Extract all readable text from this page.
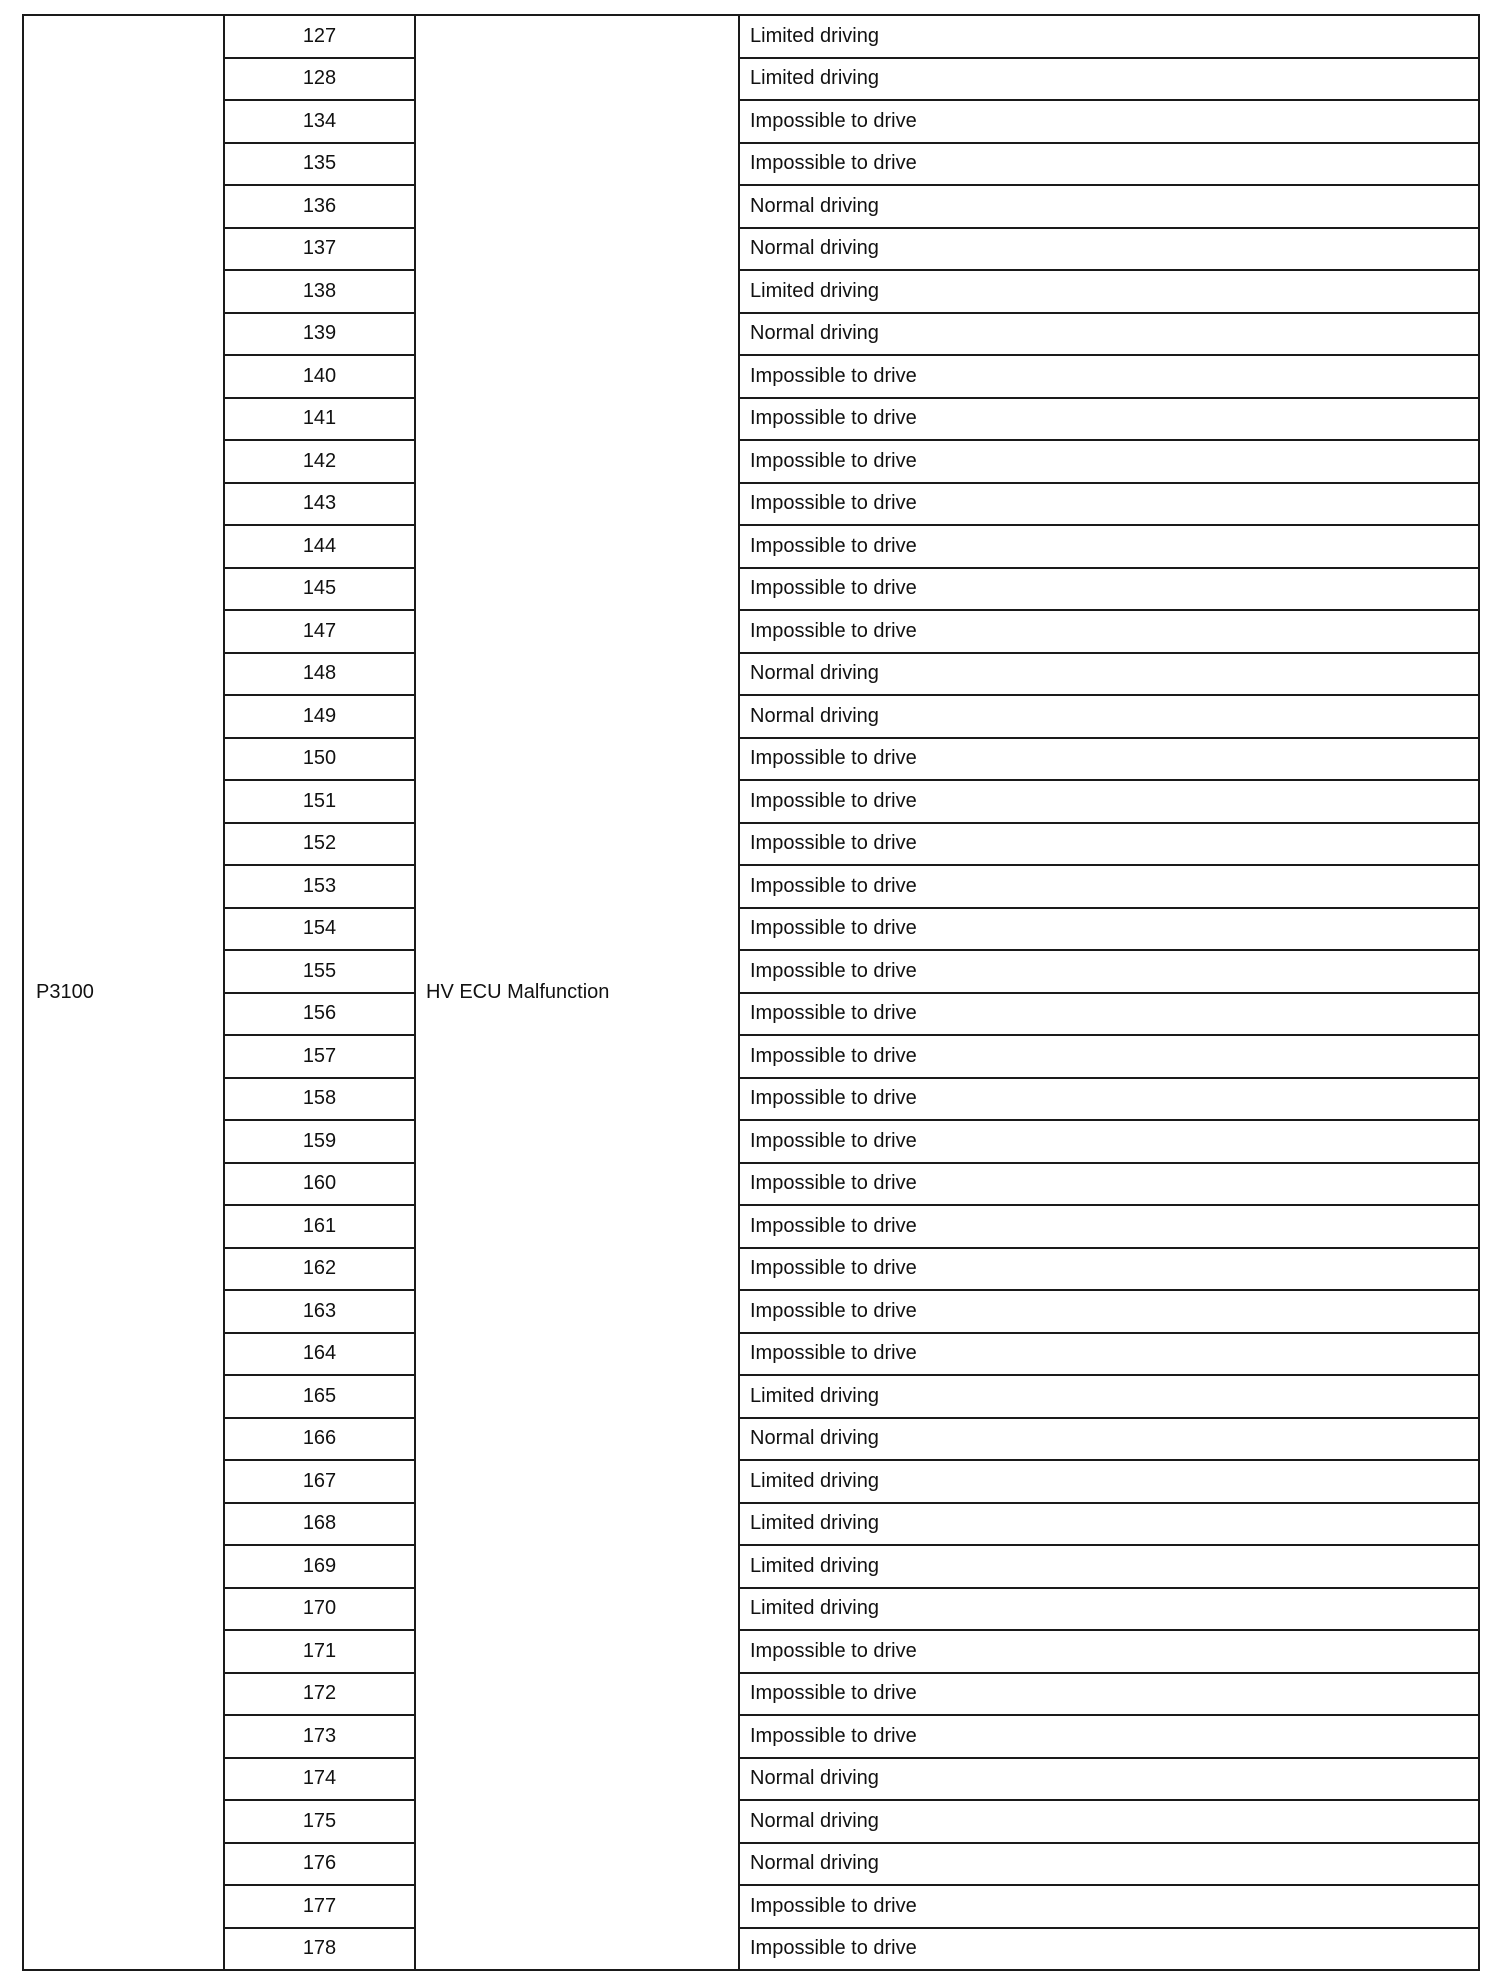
P3100	127	HV ECU Malfunction	Limited driving
	128		Limited driving
	134		Impossible to drive
	135		Impossible to drive
	136		Normal driving
	137		Normal driving
	138		Limited driving
	139		Normal driving
	140		Impossible to drive
	141		Impossible to drive
	142		Impossible to drive
	143		Impossible to drive
	144		Impossible to drive
	145		Impossible to drive
	147		Impossible to drive
	148		Normal driving
	149		Normal driving
	150		Impossible to drive
	151		Impossible to drive
	152		Impossible to drive
	153		Impossible to drive
	154		Impossible to drive
	155		Impossible to drive
	156		Impossible to drive
	157		Impossible to drive
	158		Impossible to drive
	159		Impossible to drive
	160		Impossible to drive
	161		Impossible to drive
	162		Impossible to drive
	163		Impossible to drive
	164		Impossible to drive
	165		Limited driving
	166		Normal driving
	167		Limited driving
	168		Limited driving
	169		Limited driving
	170		Limited driving
	171		Impossible to drive
	172		Impossible to drive
	173		Impossible to drive
	174		Normal driving
	175		Normal driving
	176		Normal driving
	177		Impossible to drive
	178		Impossible to drive
